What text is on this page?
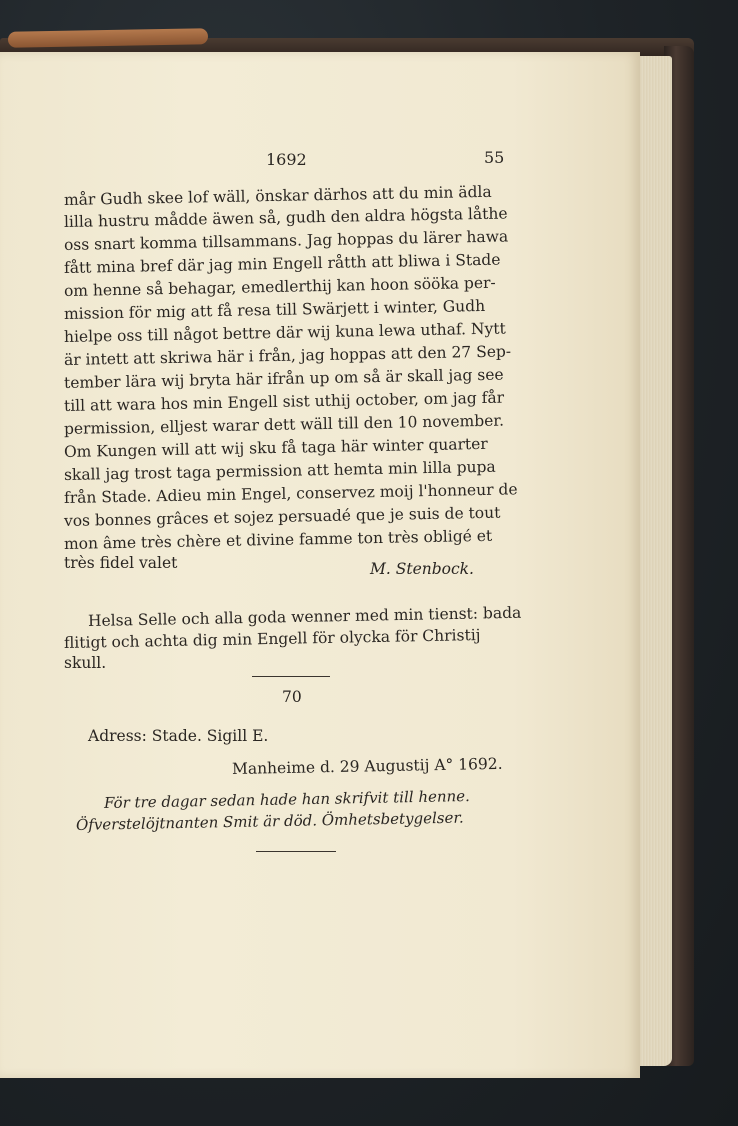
1692	55
mår Gudh skee lof wäll, önskar därhos att du min ädla
lilla hustru mådde äwen så, gudh den aldra högsta låthe
oss snart komma tillsammans. Jag hoppas du lärer hawa
fått mina bref där jag min Engell råtth att bliwa i Stade
om henne så behagar, emedlerthij kan hoon sööka per-
mission för mig att få resa till Swärjett i winter, Gudh
hielpe oss till något bettre där wij kuna lewa uthaf. Nytt
är intett att skriwa här i från, jag hoppas att den 27 Sep-
tember lära wij bryta här ifrån up om så är skall jag see
till att wara hos min Engell sist uthij october, om jag får
permission, elljest warar dett wäll till den 10 november.
Om Kungen will att wij sku få taga här winter quarter
skall jag trost taga permission att hemta min lilla pupa
från Stade. Adieu min Engel, conservez moij l'honneur de
vos bonnes grâces et sojez persuadé que je suis de tout
mon âme très chère et divine famme ton très obligé et
très fidel valet	M. Stenbock.
Helsa Selle och alla goda wenner med min tienst: bada
flitigt och achta dig min Engell för olycka för Christij
skull.
70
Adress: Stade. Sigill E.
Manheime d. 29 Augustij A° 1692.
För tre dagar sedan hade han skrifvit till henne.
Öfverstelöjtnanten Smit är död. Ömhetsbetygelser.
